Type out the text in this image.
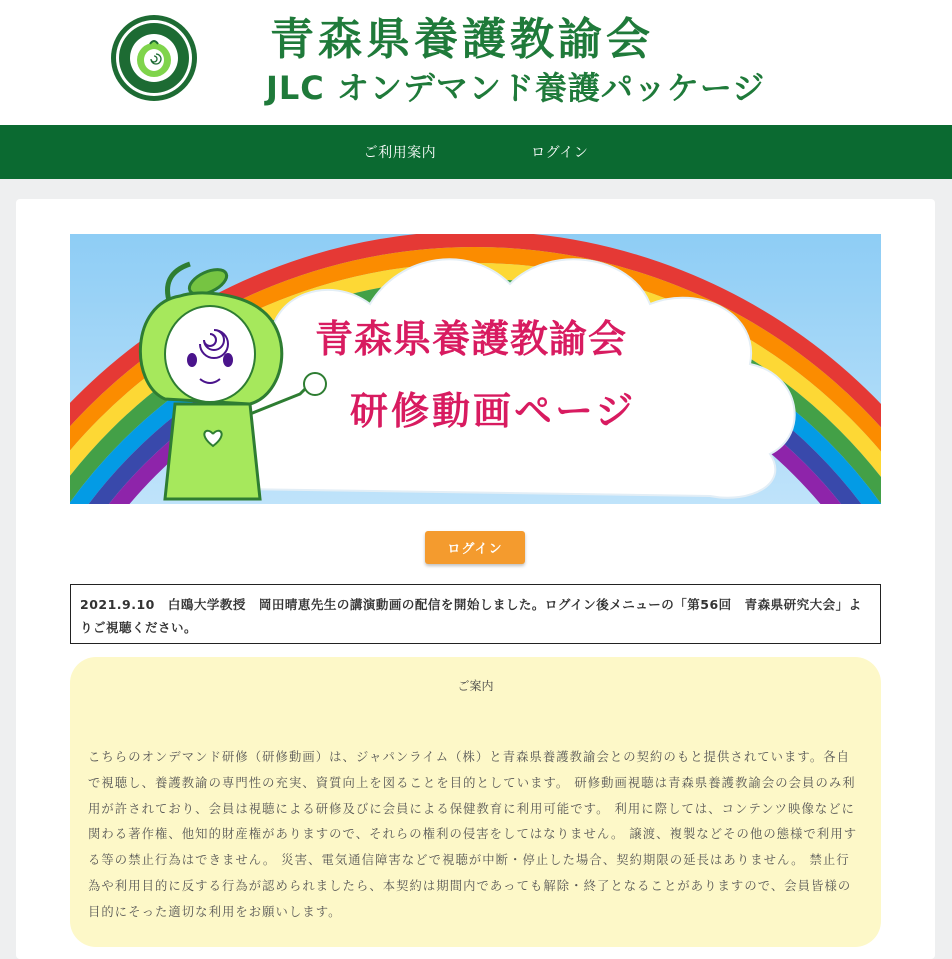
青森県養護教諭会
JLC オンデマンド養護パッケージ
ご利用案内	ログイン
青森県養護教諭会
研修動画ページ
ログイン
2021.9.10　白鴎大学教授　岡田晴恵先生の講演動画の配信を開始しました。ログイン後メニューの「第56回　青森県研究大会」よりご視聴ください。
ご案内
こちらのオンデマンド研修（研修動画）は、ジャパンライム（株）と青森県養護教諭会との契約のもと提供されています。各自で視聴し、養護教諭の専門性の充実、資質向上を図ることを目的としています。 研修動画視聴は青森県養護教諭会の会員のみ利用が許されており、会員は視聴による研修及びに会員による保健教育に利用可能です。 利用に際しては、コンテンツ映像などに関わる著作権、他知的財産権がありますので、それらの権利の侵害をしてはなりません。 譲渡、複製などその他の態様で利用する等の禁止行為はできません。 災害、電気通信障害などで視聴が中断・停止した場合、契約期限の延長はありません。 禁止行為や利用目的に反する行為が認められましたら、本契約は期間内であっても解除・終了となることがありますので、会員皆様の目的にそった適切な利用をお願いします。
